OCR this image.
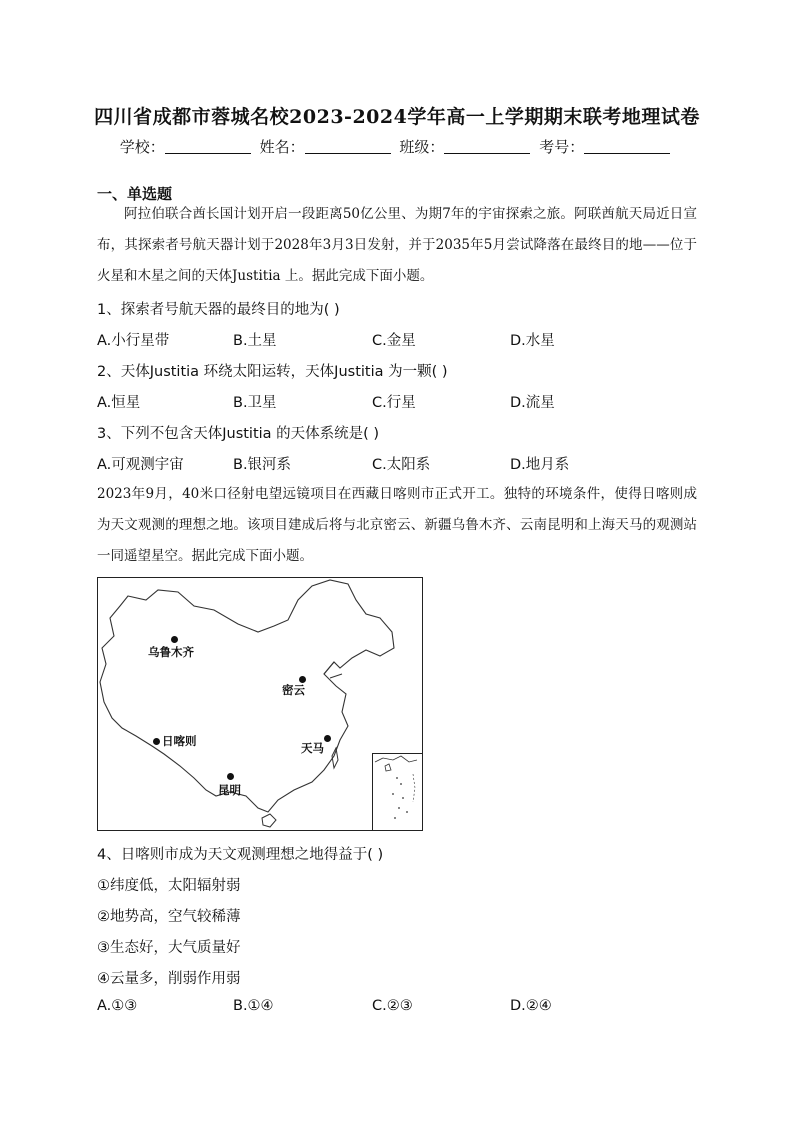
四川省成都市蓉城名校2023-2024学年高一上学期期末联考地理试卷
学校：	姓名：	班级：	考号：
一、单选题
阿拉伯联合酋长国计划开启一段距离50亿公里、为期7年的宇宙探索之旅。阿联酋航天局近日宣布，其探索者号航天器计划于2028年3月3日发射，并于2035年5月尝试降落在最终目的地——位于火星和木星之间的天体Justitia 上。据此完成下面小题。
1、探索者号航天器的最终目的地为( )
A.小行星带	B.土星	C.金星	D.水星
2、天体Justitia 环绕太阳运转，天体Justitia 为一颗( )
A.恒星	B.卫星	C.行星	D.流星
3、下列不包含天体Justitia 的天体系统是( )
A.可观测宇宙	B.银河系	C.太阳系	D.地月系
2023年9月，40米口径射电望远镜项目在西藏日喀则市正式开工。独特的环境条件，使得日喀则成为天文观测的理想之地。该项目建成后将与北京密云、新疆乌鲁木齐、云南昆明和上海天马的观测站一同遥望星空。据此完成下面小题。
乌鲁木齐
密云
日喀则	天马
昆明
4、日喀则市成为天文观测理想之地得益于( )
①纬度低，太阳辐射弱
②地势高，空气较稀薄
③生态好，大气质量好
④云量多，削弱作用弱
A.①③	B.①④	C.②③	D.②④
